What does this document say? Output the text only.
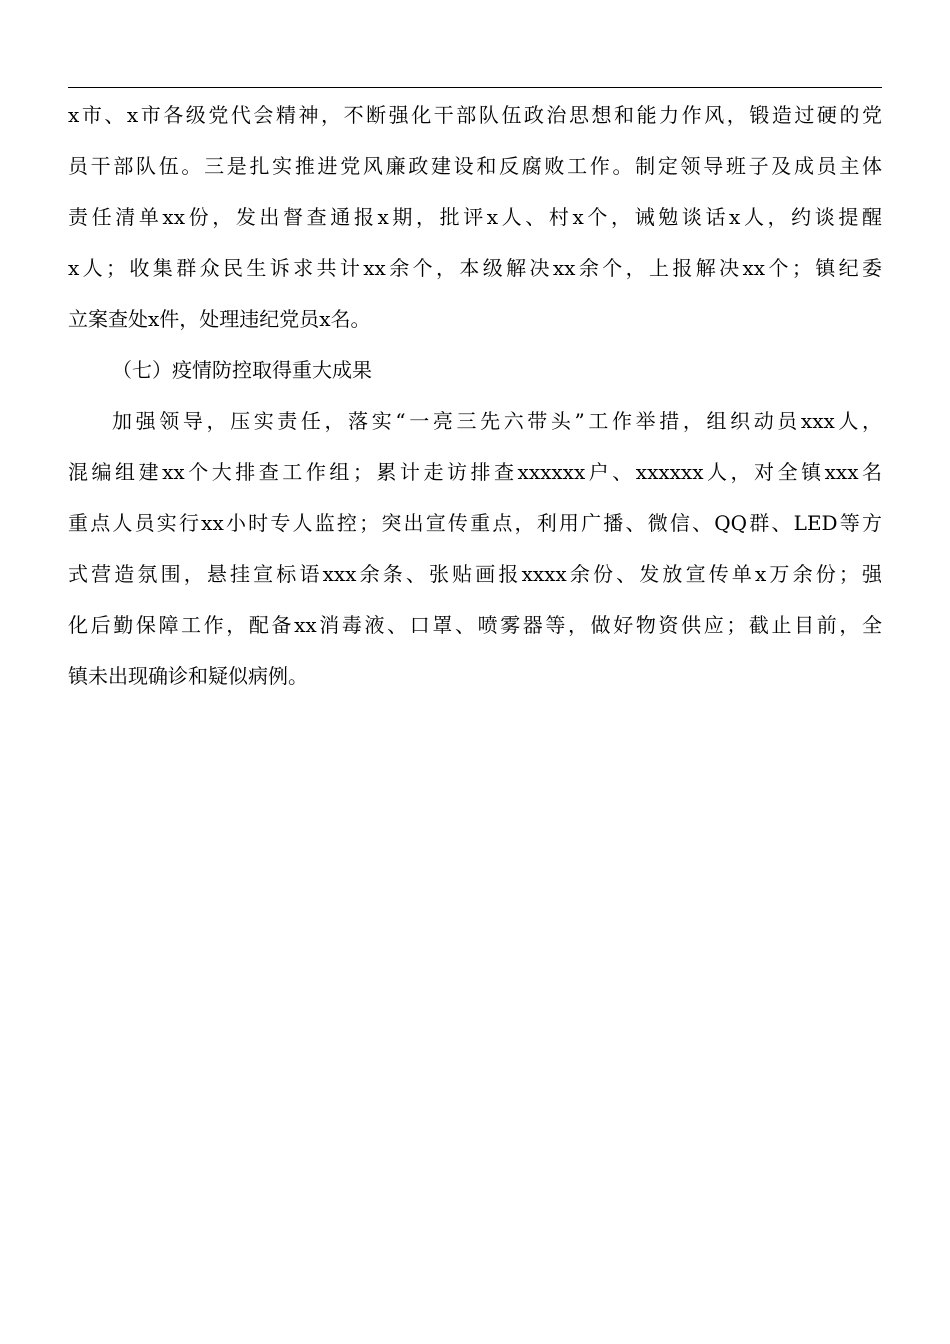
x市、x市各级党代会精神，不断强化干部队伍政治思想和能力作风，锻造过硬的党
员干部队伍。三是扎实推进党风廉政建设和反腐败工作。制定领导班子及成员主体
责任清单xx份，发出督查通报x期，批评x人、村x个，诫勉谈话x人，约谈提醒
x人；收集群众民生诉求共计xx余个，本级解决xx余个，上报解决xx个；镇纪委
立案查处x件，处理违纪党员x名。
（七）疫情防控取得重大成果
加强领导，压实责任，落实“一亮三先六带头”工作举措，组织动员xxx人，
混编组建xx个大排查工作组；累计走访排查xxxxxx户、xxxxxx人，对全镇xxx名
重点人员实行xx小时专人监控；突出宣传重点，利用广播、微信、QQ群、LED等方
式营造氛围，悬挂宣标语xxx余条、张贴画报xxxx余份、发放宣传单x万余份；强
化后勤保障工作，配备xx消毒液、口罩、喷雾器等，做好物资供应；截止目前，全
镇未出现确诊和疑似病例。
